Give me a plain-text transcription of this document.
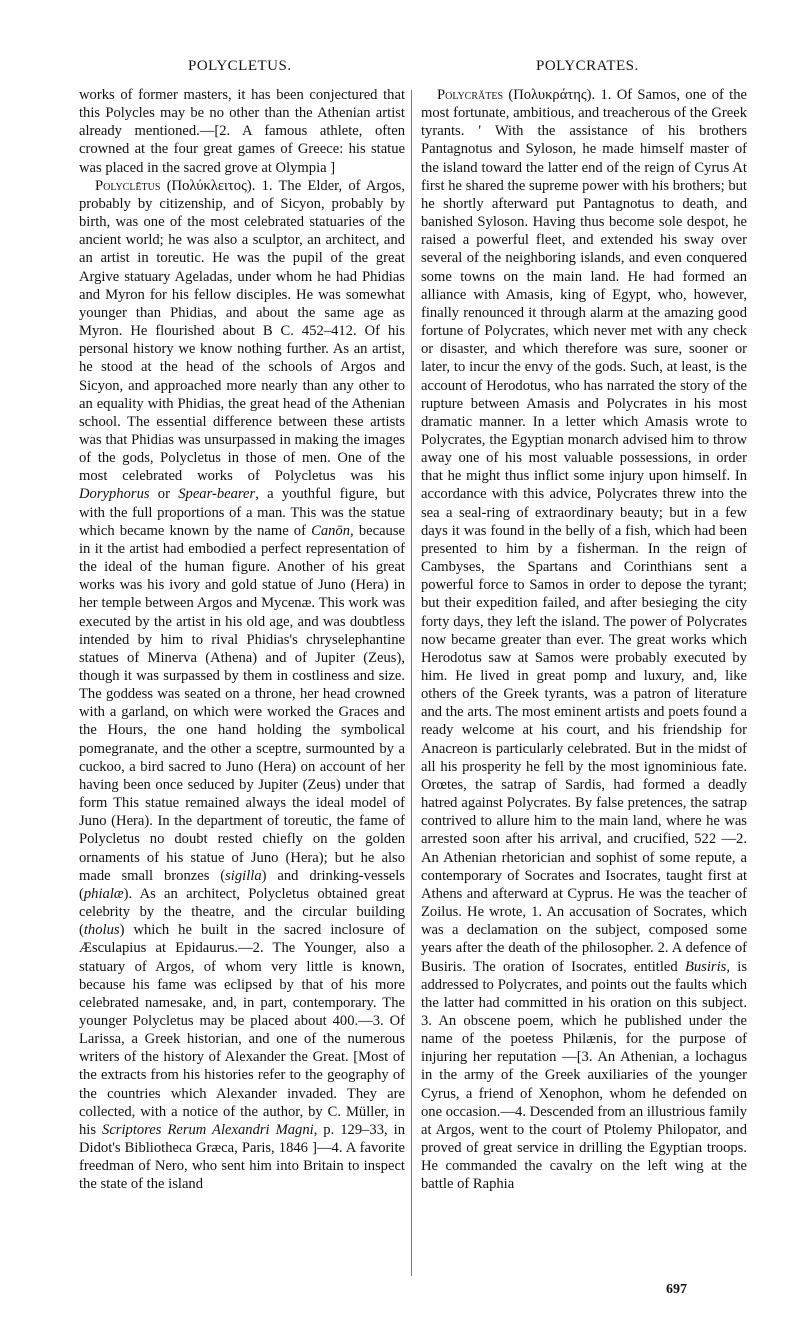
POLYCLETUS.	POLYCRATES.

works of former masters, it has been conjectured that this Polycles may be no other than the Athenian artist already mentioned.—[2. A famous athlete, often crowned at the four great games of Greece: his statue was placed in the sacred grove at Olympia ]

Polyclētus (Πολύκλειτος). 1. The Elder, of Argos, probably by citizenship, and of Sicyon, probably by birth, was one of the most celebrated statuaries of the ancient world; he was also a sculptor, an architect, and an artist in toreutic. He was the pupil of the great Argive statuary Ageladas, under whom he had Phidias and Myron for his fellow disciples. He was somewhat younger than Phidias, and about the same age as Myron. He flourished about B C. 452–412. Of his personal history we know nothing further. As an artist, he stood at the head of the schools of Argos and Sicyon, and approached more nearly than any other to an equality with Phidias, the great head of the Athenian school. The essential difference between these artists was that Phidias was unsurpassed in making the images of the gods, Polycletus in those of men. One of the most celebrated works of Polycletus was his Doryphorus or Spear-bearer, a youthful figure, but with the full proportions of a man. This was the statue which became known by the name of Canōn, because in it the artist had embodied a perfect representation of the ideal of the human figure. Another of his great works was his ivory and gold statue of Juno (Hera) in her temple between Argos and Mycenæ. This work was executed by the artist in his old age, and was doubtless intended by him to rival Phidias's chryselephantine statues of Minerva (Athena) and of Jupiter (Zeus), though it was surpassed by them in costliness and size. The goddess was seated on a throne, her head crowned with a garland, on which were worked the Graces and the Hours, the one hand holding the symbolical pomegranate, and the other a sceptre, surmounted by a cuckoo, a bird sacred to Juno (Hera) on account of her having been once seduced by Jupiter (Zeus) under that form This statue remained always the ideal model of Juno (Hera). In the department of toreutic, the fame of Polycletus no doubt rested chiefly on the golden ornaments of his statue of Juno (Hera); but he also made small bronzes (sigilla) and drinking-vessels (phialæ). As an architect, Polycletus obtained great celebrity by the theatre, and the circular building (tholus) which he built in the sacred inclosure of Æsculapius at Epidaurus.—2. The Younger, also a statuary of Argos, of whom very little is known, because his fame was eclipsed by that of his more celebrated namesake, and, in part, contemporary. The younger Polycletus may be placed about 400.—3. Of Larissa, a Greek historian, and one of the numerous writers of the history of Alexander the Great. [Most of the extracts from his histories refer to the geography of the countries which Alexander invaded. They are collected, with a notice of the author, by C. Müller, in his Scriptores Rerum Alexandri Magni, p. 129–33, in Didot's Bibliotheca Græca, Paris, 1846 ]—4. A favorite freedman of Nero, who sent him into Britain to inspect the state of the island

Polycrătes (Πολυκράτης). 1. Of Samos, one of the most fortunate, ambitious, and treacherous of the Greek tyrants. ' With the assistance of his brothers Pantagnotus and Syloson, he made himself master of the island toward the latter end of the reign of Cyrus At first he shared the supreme power with his brothers; but he shortly afterward put Pantagnotus to death, and banished Syloson. Having thus become sole despot, he raised a powerful fleet, and extended his sway over several of the neighboring islands, and even conquered some towns on the main land. He had formed an alliance with Amasis, king of Egypt, who, however, finally renounced it through alarm at the amazing good fortune of Polycrates, which never met with any check or disaster, and which therefore was sure, sooner or later, to incur the envy of the gods. Such, at least, is the account of Herodotus, who has narrated the story of the rupture between Amasis and Polycrates in his most dramatic manner. In a letter which Amasis wrote to Polycrates, the Egyptian monarch advised him to throw away one of his most valuable possessions, in order that he might thus inflict some injury upon himself. In accordance with this advice, Polycrates threw into the sea a seal-ring of extraordinary beauty; but in a few days it was found in the belly of a fish, which had been presented to him by a fisherman. In the reign of Cambyses, the Spartans and Corinthians sent a powerful force to Samos in order to depose the tyrant; but their expedition failed, and after besieging the city forty days, they left the island. The power of Polycrates now became greater than ever. The great works which Herodotus saw at Samos were probably executed by him. He lived in great pomp and luxury, and, like others of the Greek tyrants, was a patron of literature and the arts. The most eminent artists and poets found a ready welcome at his court, and his friendship for Anacreon is particularly celebrated. But in the midst of all his prosperity he fell by the most ignominious fate. Orœtes, the satrap of Sardis, had formed a deadly hatred against Polycrates. By false pretences, the satrap contrived to allure him to the main land, where he was arrested soon after his arrival, and crucified, 522 —2. An Athenian rhetorician and sophist of some repute, a contemporary of Socrates and Isocrates, taught first at Athens and afterward at Cyprus. He was the teacher of Zoilus. He wrote, 1. An accusation of Socrates, which was a declamation on the subject, composed some years after the death of the philosopher. 2. A defence of Busiris. The oration of Isocrates, entitled Busiris, is addressed to Polycrates, and points out the faults which the latter had committed in his oration on this subject. 3. An obscene poem, which he published under the name of the poetess Philænis, for the purpose of injuring her reputation —[3. An Athenian, a lochagus in the army of the Greek auxiliaries of the younger Cyrus, a friend of Xenophon, whom he defended on one occasion.—4. Descended from an illustrious family at Argos, went to the court of Ptolemy Philopator, and proved of great service in drilling the Egyptian troops. He commanded the cavalry on the left wing at the battle of Raphia

697
